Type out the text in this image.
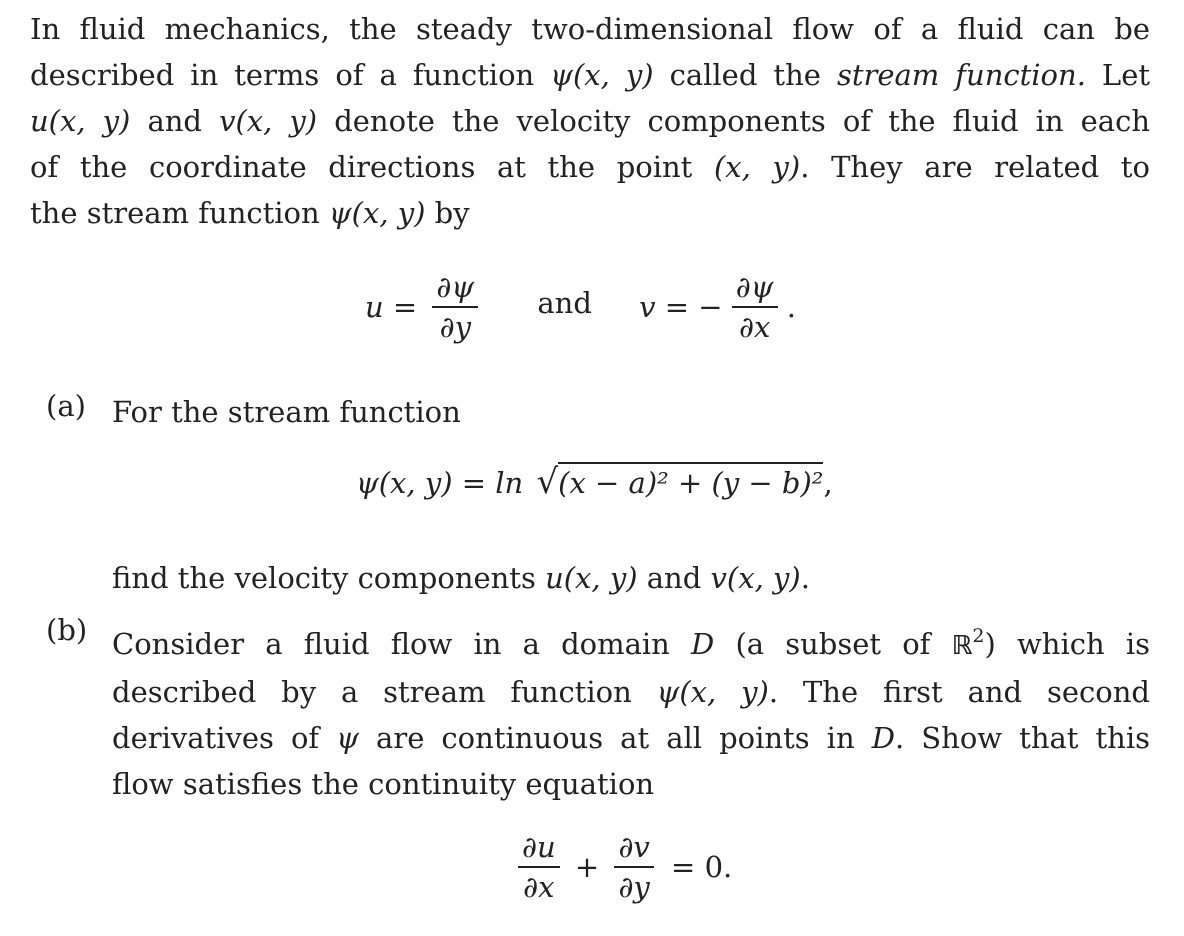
In fluid mechanics, the steady two-dimensional flow of a fluid can be
described in terms of a function ψ(x, y) called the stream function. Let
u(x, y) and v(x, y) denote the velocity components of the fluid in each
of the coordinate directions at the point (x, y). They are related to
the stream function ψ(x, y) by
$u = \frac{\partial\psi}{\partial y}$ and v = − $\frac{\partial\psi}{\partial x}$ .
(a) For the stream function
ψ(x, y) = ln √(x − a)² + (y − b)²,
find the velocity components u(x, y) and v(x, y).
(b) Consider a fluid flow in a domain D (a subset of ℝ$^2$) which is
described by a stream function ψ(x, y). The first and second
derivatives of ψ are continuous at all points in D. Show that this
flow satisfies the continuity equation
$\frac{\partial u}{\partial x} + \frac{\partial v}{\partial y} = 0$.
